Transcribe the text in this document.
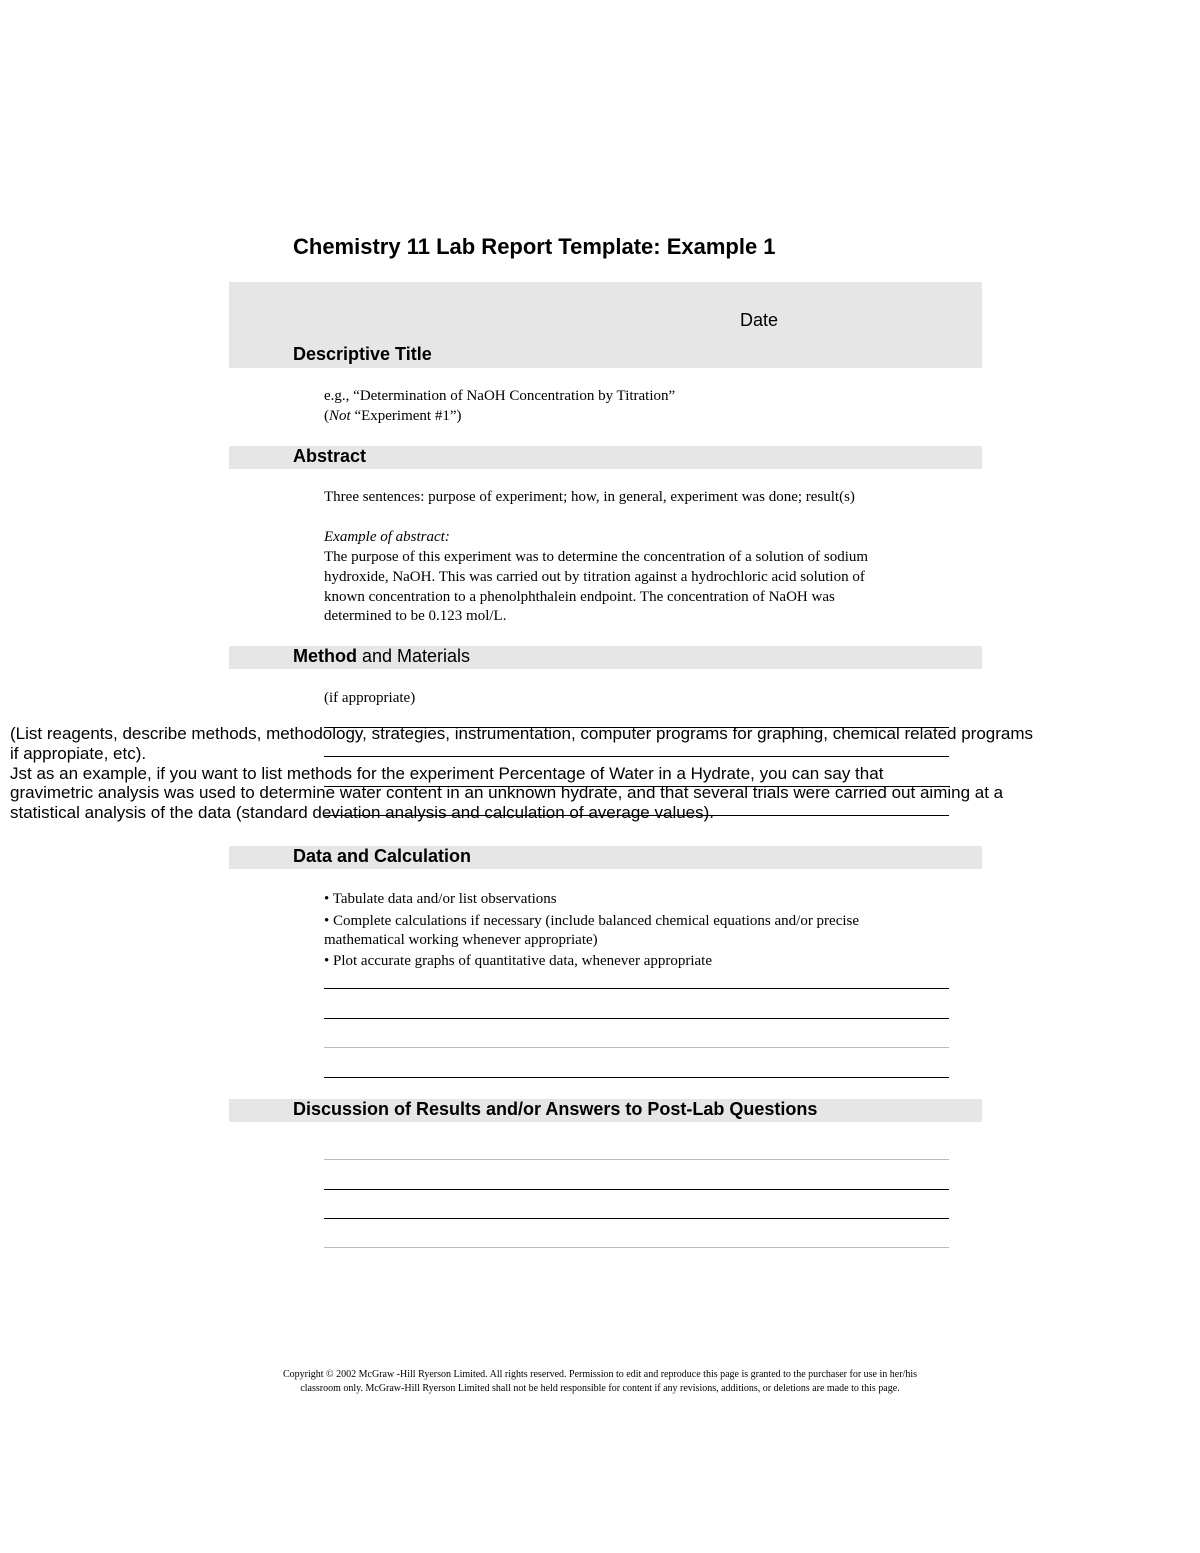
Chemistry 11 Lab Report Template: Example 1
Date
Descriptive Title
e.g., “Determination of NaOH Concentration by Titration”
(Not “Experiment #1”)
Abstract
Three sentences: purpose of experiment; how, in general, experiment was done; result(s)
Example of abstract:
The purpose of this experiment was to determine the concentration of a solution of sodium
hydroxide, NaOH. This was carried out by titration against a hydrochloric acid solution of
known concentration to a phenolphthalein endpoint. The concentration of NaOH was
determined to be 0.123 mol/L.
Method and Materials
(if appropriate)
(List reagents, describe methods, methodology, strategies, instrumentation, computer programs for graphing, chemical related programs
if appropiate, etc).
Jst as an example, if you want to list methods for the experiment Percentage of Water in a Hydrate, you can say that
gravimetric analysis was used to determine water content in an unknown hydrate, and that several trials were carried out aiming at a
statistical analysis of the data (standard deviation analysis and calculation of average values).
Data and Calculation
• Tabulate data and/or list observations
• Complete calculations if necessary (include balanced chemical equations and/or precise
mathematical working whenever appropriate)
• Plot accurate graphs of quantitative data, whenever appropriate
Discussion of Results and/or Answers to Post-Lab Questions
Copyright © 2002 McGraw -Hill Ryerson Limited. All rights reserved. Permission to edit and reproduce this page is granted to the purchaser for use in her/his
classroom only. McGraw-Hill Ryerson Limited shall not be held responsible for content if any revisions, additions, or deletions are made to this page.
